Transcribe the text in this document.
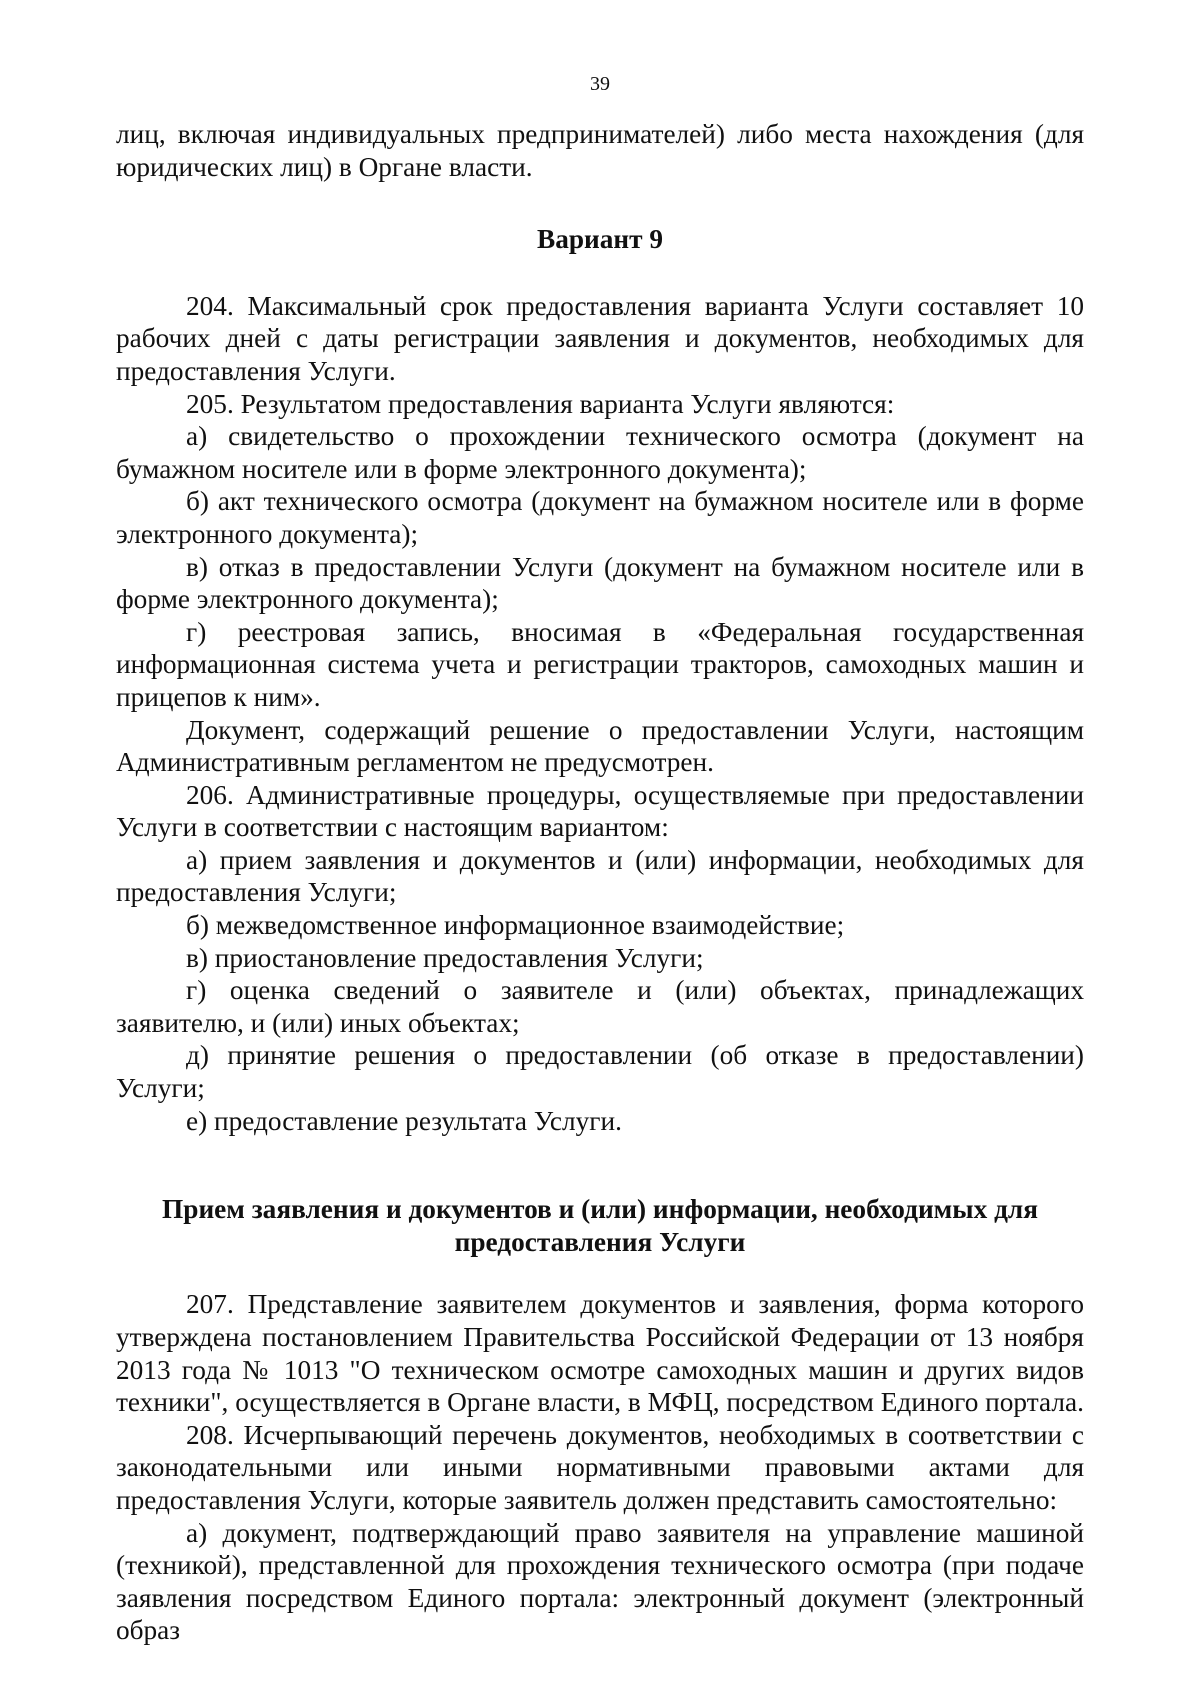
39

лиц, включая индивидуальных предпринимателей) либо места нахождения (для юридических лиц) в Органе власти.

Вариант 9

204. Максимальный срок предоставления варианта Услуги составляет 10 рабочих дней с даты регистрации заявления и документов, необходимых для предоставления Услуги.

205. Результатом предоставления варианта Услуги являются:

а) свидетельство о прохождении технического осмотра (документ на бумажном носителе или в форме электронного документа);

б) акт технического осмотра (документ на бумажном носителе или в форме электронного документа);

в) отказ в предоставлении Услуги (документ на бумажном носителе или в форме электронного документа);

г) реестровая запись, вносимая в «Федеральная государственная информационная система учета и регистрации тракторов, самоходных машин и прицепов к ним».

Документ, содержащий решение о предоставлении Услуги, настоящим Административным регламентом не предусмотрен.

206. Административные процедуры, осуществляемые при предоставлении Услуги в соответствии с настоящим вариантом:

а) прием заявления и документов и (или) информации, необходимых для предоставления Услуги;

б) межведомственное информационное взаимодействие;

в) приостановление предоставления Услуги;

г) оценка сведений о заявителе и (или) объектах, принадлежащих заявителю, и (или) иных объектах;

д) принятие решения о предоставлении (об отказе в предоставлении) Услуги;

е) предоставление результата Услуги.

Прием заявления и документов и (или) информации, необходимых для предоставления Услуги

207. Представление заявителем документов и заявления, форма которого утверждена постановлением Правительства Российской Федерации от 13 ноября 2013 года № 1013 "О техническом осмотре самоходных машин и других видов техники", осуществляется в Органе власти, в МФЦ, посредством Единого портала.

208. Исчерпывающий перечень документов, необходимых в соответствии с законодательными или иными нормативными правовыми актами для предоставления Услуги, которые заявитель должен представить самостоятельно:

а) документ, подтверждающий право заявителя на управление машиной (техникой), представленной для прохождения технического осмотра (при подаче заявления посредством Единого портала: электронный документ (электронный образ
